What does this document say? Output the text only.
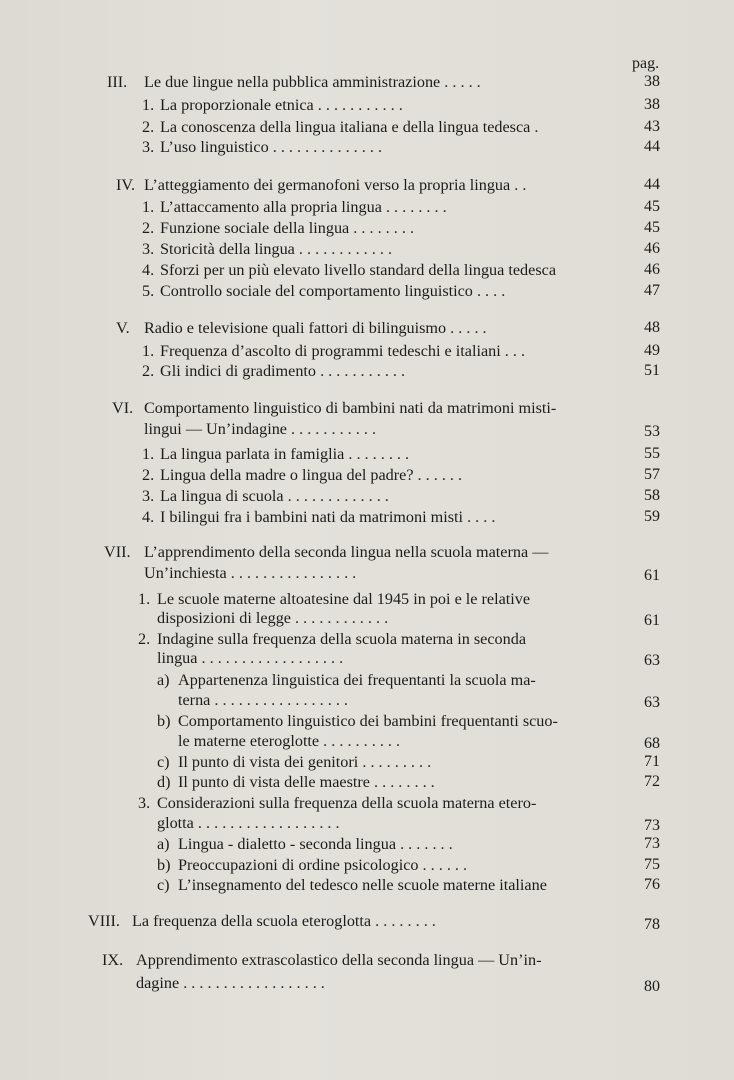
pag.
III. Le due lingue nella pubblica amministrazione . . . . .	38
1. La proporzionale etnica . . . . . . . . . . .	38
2. La conoscenza della lingua italiana e della lingua tedesca .	43
3. L’uso linguistico . . . . . . . . . . . . . .	44
IV. L’atteggiamento dei germanofoni verso la propria lingua . .	44
1. L’attaccamento alla propria lingua . . . . . . . .	45
2. Funzione sociale della lingua . . . . . . . .	45
3. Storicità della lingua . . . . . . . . . . . .	46
4. Sforzi per un più elevato livello standard della lingua tedesca	46
5. Controllo sociale del comportamento linguistico . . . .	47
V. Radio e televisione quali fattori di bilinguismo . . . . .	48
1. Frequenza d’ascolto di programmi tedeschi e italiani . . .	49
2. Gli indici di gradimento . . . . . . . . . . .	51
VI. Comportamento linguistico di bambini nati da matrimoni misti-
lingui — Un’indagine . . . . . . . . . . .	53
1. La lingua parlata in famiglia . . . . . . . .	55
2. Lingua della madre o lingua del padre? . . . . . .	57
3. La lingua di scuola . . . . . . . . . . . . .	58
4. I bilingui fra i bambini nati da matrimoni misti . . . .	59
VII. L’apprendimento della seconda lingua nella scuola materna —
Un’inchiesta . . . . . . . . . . . . . . . .	61
1. Le scuole materne altoatesine dal 1945 in poi e le relative
disposizioni di legge . . . . . . . . . . . .	61
2. Indagine sulla frequenza della scuola materna in seconda
lingua . . . . . . . . . . . . . . . . . .	63
a) Appartenenza linguistica dei frequentanti la scuola ma-
terna . . . . . . . . . . . . . . . . .	63
b) Comportamento linguistico dei bambini frequentanti scuo-
le materne eteroglotte . . . . . . . . . .	68
c) Il punto di vista dei genitori . . . . . . . . .	71
d) Il punto di vista delle maestre . . . . . . . .	72
3. Considerazioni sulla frequenza della scuola materna etero-
glotta . . . . . . . . . . . . . . . . . .	73
a) Lingua - dialetto - seconda lingua . . . . . . .	73
b) Preoccupazioni di ordine psicologico . . . . . .	75
c) L’insegnamento del tedesco nelle scuole materne italiane	76
VIII. La frequenza della scuola eteroglotta . . . . . . . .	78
IX. Apprendimento extrascolastico della seconda lingua — Un’in-
dagine . . . . . . . . . . . . . . . . . .	80
